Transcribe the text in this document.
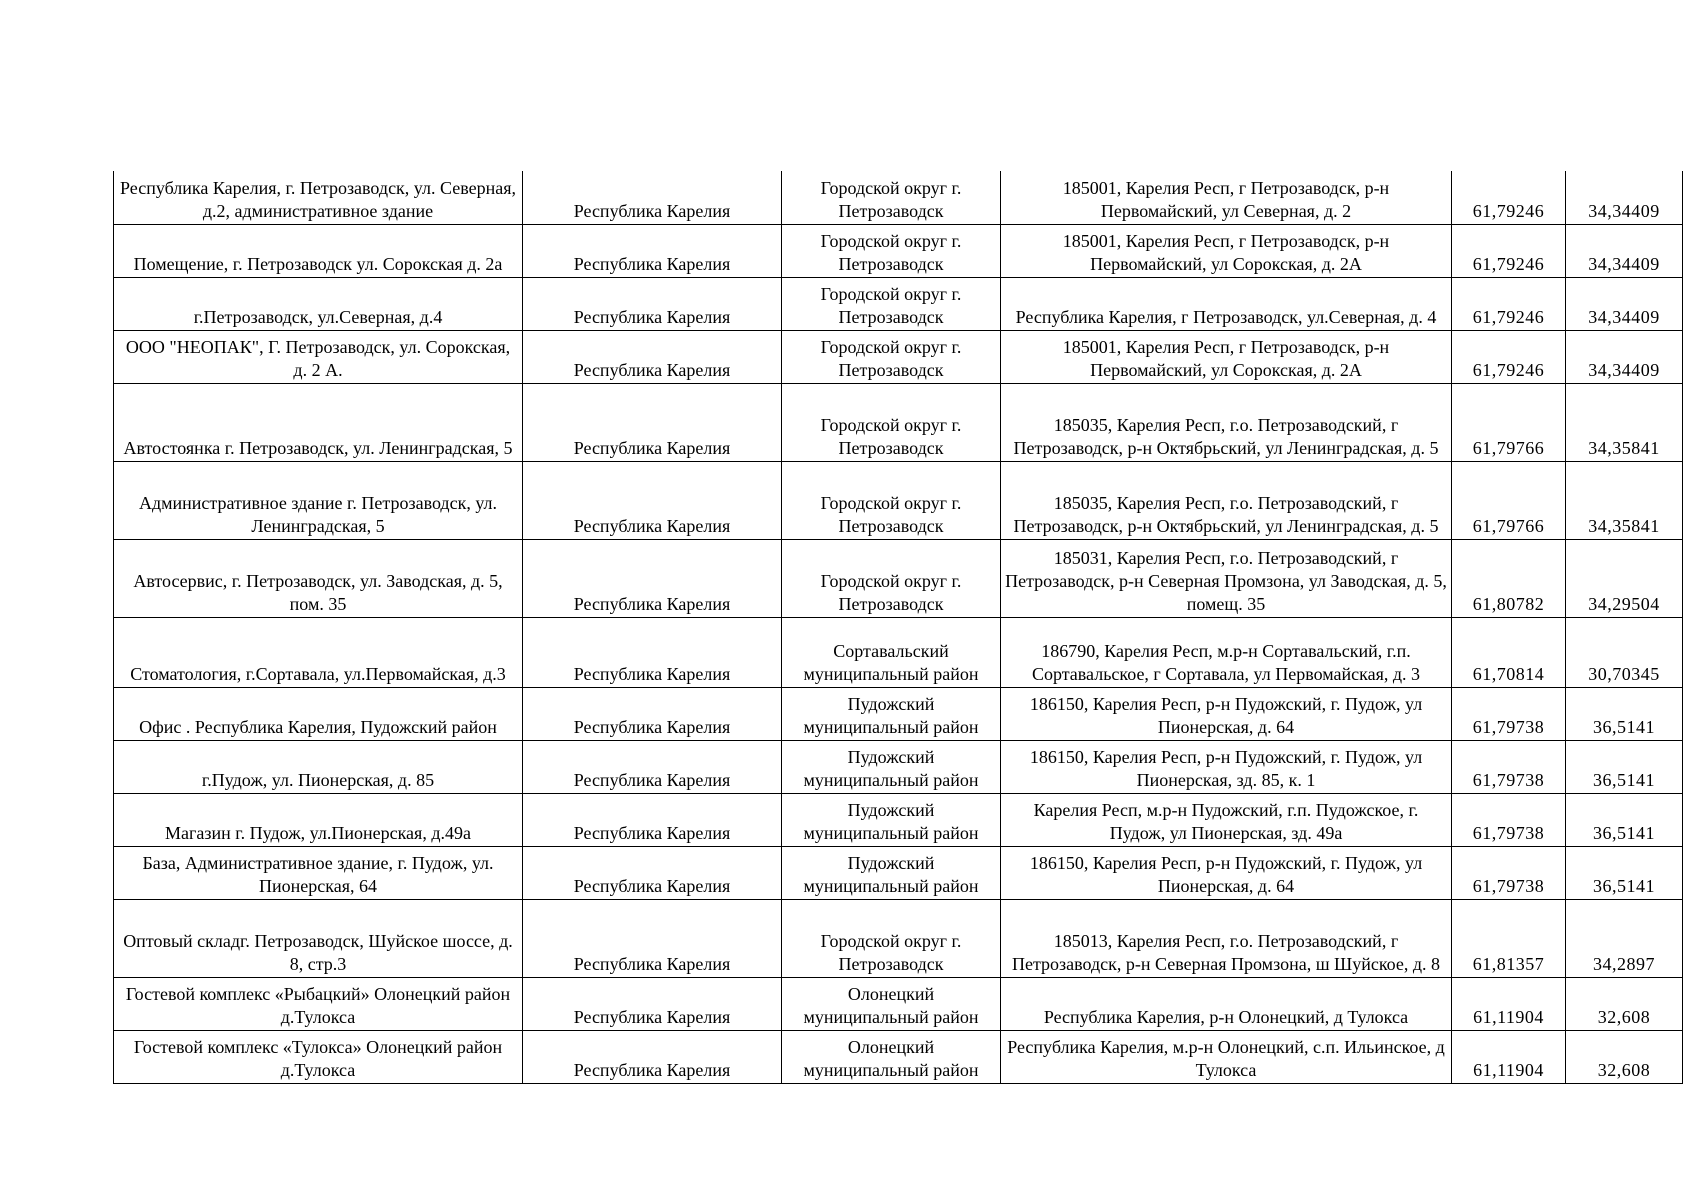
Республика Карелия, г. Петрозаводск, ул. Северная, д.2, административное здание	Республика Карелия	Городской округ г. Петрозаводск	185001, Карелия Респ, г Петрозаводск, р-н Первомайский, ул Северная, д. 2	61,79246	34,34409
Помещение, г. Петрозаводск ул. Сорокская д. 2а	Республика Карелия	Городской округ г. Петрозаводск	185001, Карелия Респ, г Петрозаводск, р-н Первомайский, ул Сорокская, д. 2А	61,79246	34,34409
г.Петрозаводск, ул.Северная, д.4	Республика Карелия	Городской округ г. Петрозаводск	Республика Карелия, г Петрозаводск, ул.Северная, д. 4	61,79246	34,34409
ООО "НЕОПАК", Г. Петрозаводск, ул. Сорокская, д. 2 А.	Республика Карелия	Городской округ г. Петрозаводск	185001, Карелия Респ, г Петрозаводск, р-н Первомайский, ул Сорокская, д. 2А	61,79246	34,34409
Автостоянка г. Петрозаводск, ул. Ленинградская, 5	Республика Карелия	Городской округ г. Петрозаводск	185035, Карелия Респ, г.о. Петрозаводский, г Петрозаводск, р-н Октябрьский, ул Ленинградская, д. 5	61,79766	34,35841
Административное здание г. Петрозаводск, ул. Ленинградская, 5	Республика Карелия	Городской округ г. Петрозаводск	185035, Карелия Респ, г.о. Петрозаводский, г Петрозаводск, р-н Октябрьский, ул Ленинградская, д. 5	61,79766	34,35841
Автосервис, г. Петрозаводск, ул. Заводская, д. 5, пом. 35	Республика Карелия	Городской округ г. Петрозаводск	185031, Карелия Респ, г.о. Петрозаводский, г Петрозаводск, р-н Северная Промзона, ул Заводская, д. 5, помещ. 35	61,80782	34,29504
Стоматология, г.Сортавала, ул.Первомайская, д.3	Республика Карелия	Сортавальский муниципальный район	186790, Карелия Респ, м.р-н Сортавальский, г.п. Сортавальское, г Сортавала, ул Первомайская, д. 3	61,70814	30,70345
Офис . Республика Карелия, Пудожский район	Республика Карелия	Пудожский муниципальный район	186150, Карелия Респ, р-н Пудожский, г. Пудож, ул Пионерская, д. 64	61,79738	36,5141
г.Пудож, ул. Пионерская, д. 85	Республика Карелия	Пудожский муниципальный район	186150, Карелия Респ, р-н Пудожский, г. Пудож, ул Пионерская, зд. 85, к. 1	61,79738	36,5141
Магазин г. Пудож, ул.Пионерская, д.49а	Республика Карелия	Пудожский муниципальный район	Карелия Респ, м.р-н Пудожский, г.п. Пудожское, г. Пудож, ул Пионерская, зд. 49а	61,79738	36,5141
База, Административное здание, г. Пудож, ул. Пионерская, 64	Республика Карелия	Пудожский муниципальный район	186150, Карелия Респ, р-н Пудожский, г. Пудож, ул Пионерская, д. 64	61,79738	36,5141
Оптовый складг. Петрозаводск, Шуйское шоссе, д. 8, стр.3	Республика Карелия	Городской округ г. Петрозаводск	185013, Карелия Респ, г.о. Петрозаводский, г Петрозаводск, р-н Северная Промзона, ш Шуйское, д. 8	61,81357	34,2897
Гостевой комплекс «Рыбацкий» Олонецкий район д.Тулокса	Республика Карелия	Олонецкий муниципальный район	Республика Карелия, р-н Олонецкий, д Тулокса	61,11904	32,608
Гостевой комплекс «Тулокса» Олонецкий район д.Тулокса	Республика Карелия	Олонецкий муниципальный район	Республика Карелия, м.р-н Олонецкий, с.п. Ильинское, д Тулокса	61,11904	32,608
